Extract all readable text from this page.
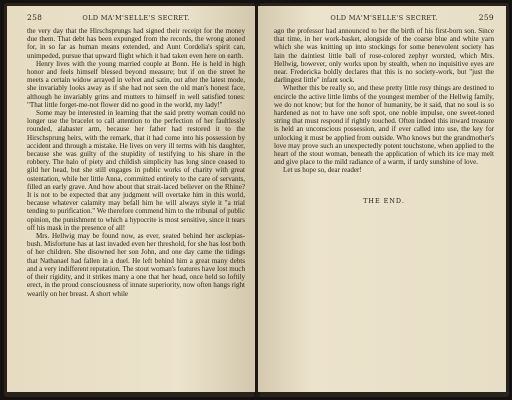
258	OLD MA'M'SELLE'S SECRET.

the very day that the Hirschsprungs had signed their receipt for the money due them. That debt has been expunged from the records, the wrong atoned for, in so far as human means extended, and Aunt Cordelia's spirit can, unimpeded, pursue that upward flight which it had taken even here on earth.

Henry lives with the young married couple at Bonn. He is held in high honor and feels himself blessed beyond measure; but if on the street he meets a certain widow arrayed in velvet and satin, out after the latest mode, she invariably looks away as if she had not seen the old man's honest face, although he invariably grins and mutters to himself in well satisfied tones: "That little forget-me-not flower did no good in the world, my lady!"

Some may be interested in learning that the said pretty woman could no longer use the bracelet to call attention to the perfection of her faultlessly rounded, alabaster arm, because her father had restored it to the Hirschsprung heirs, with the remark, that it had come into his possession by accident and through a mistake. He lives on very ill terms with his daughter, because she was guilty of the stupidity of testifying to his share in the robbery. The halo of piety and childish simplicity has long since ceased to gild her head, but she still engages in public works of charity with great ostentation, while her little Anna, committed entirely to the care of servants, filled an early grave. And how about that strait-laced believer on the Rhine? It is not to be expected that any judgment will overtake him in this world, because whatever calamity may befall him he will always style it "a trial tending to purification." We therefore commend him to the tribunal of public opinion, the punishment to which a hypocrite is most sensitive, since it tears off his mask in the presence of all!

Mrs. Hellwig may be found now, as ever, seated behind her asclepias-bush. Misfortune has at last invaded even her threshold, for she has lost both of her children. She disowned her son John, and one day came the tidings that Nathanael had fallen in a duel. He left behind him a great many debts and a very indifferent reputation. The stout woman's features have lost much of their rigidity, and it strikes many a one that her head, once held so loftily erect, in the proud consciousness of innate superiority, now often hangs right wearily on her breast. A short while

OLD MA'M'SELLE'S SECRET.	259

ago the professor had announced to her the birth of his first-born son. Since that time, in her work-basket, alongside of the coarse blue and white yarn which she was knitting up into stockings for some benevolent society has lain the daintiest little ball of rose-colored zephyr worsted, which Mrs. Hellwig, however, only works upon by stealth, when no inquisitive eyes are near. Fredericka boldly declares that this is no society-work, but "just the darlingest little" infant sock.

Whether this be really so, and these pretty little rosy things are destined to encircle the active little limbs of the youngest member of the Hellwig family, we do not know; but for the honor of humanity, be it said, that no soul is so hardened as not to have one soft spot, one noble impulse, one sweet-toned string that must respond if rightly touched. Often indeed this inward treasure is held an unconscious possession, and if ever called into use, the key for unlocking it must be applied from outside. Who knows but the grandmother's love may prove such an unexpectedly potent touchstone, when applied to the heart of the stout woman, beneath the application of which its ice may melt and give place to the mild radiance of a warm, if tardy sunshine of love.

Let us hope so, dear reader!

THE END.
